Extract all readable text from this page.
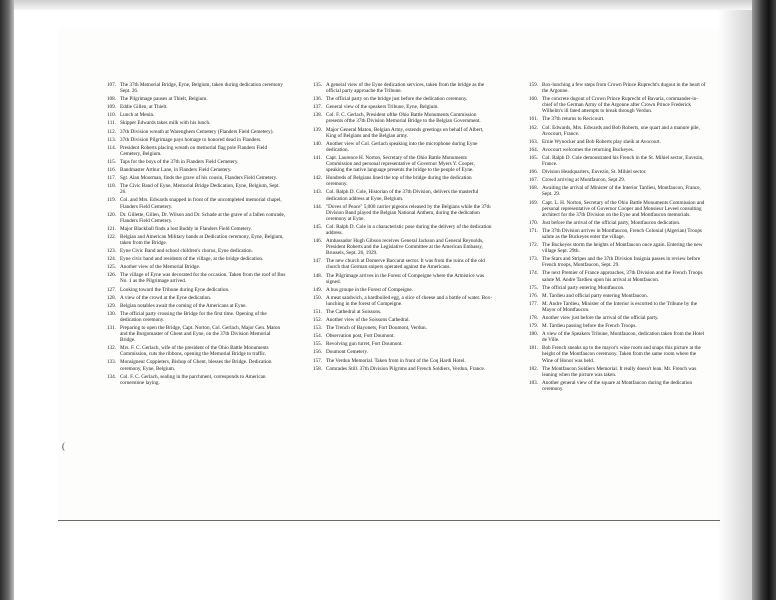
107. The 37th Memorial Bridge, Eyne, Belgium, taken during dedication ceremony Sept. 26.
108. The Pilgrimage pauses at Thielt, Belgium.
109. Eddie Gillen, at Thielt.
110. Lunch at Menin.
111. Skipper Edwards takes milk with his lunch.
112. 37th Division wreath at Warenghem Cemetery (Flanders Field Cemetery).
113. 37th Division Pilgrimage pays homage to honored dead in Flanders.
114. President Roberts placing wreath on memorial flag pole Flanders Field Cemetery, Belgium.
115. Taps for the boys of the 37th in Flanders Field Cemetery.
116. Bandmaster Arthur Lane, in Flanders Field Cemetery.
117. Sgt. Alan Moorman, finds the grave of his cousin, Flanders Field Cemetery.
118. The Civic Band of Eyne, Memorial Bridge Dedication, Eyne, Belgium, Sept. 26.
119. Col. and Mrs. Edwards snapped in front of the uncompleted memorial chapel, Flanders Field Cemetery.
120. Dr. Gillette, Gillen, Dr. Wilson and Dr. Schade at the grave of a fallen comrade, Flanders Field Cemetery.
121. Major Blackball finds a lost Buddy in Flanders Field Cemetery.
122. Belgian and American Military bands at Dedication ceremony, Eyne, Belgium, taken from the Bridge.
123. Eyne Civic Band and school children's chorus, Eyne dedication.
124. Eyne civic band and residents of the village, at the bridge dedication.
125. Another view of the Memorial Bridge.
126. The village of Eyne was decorated for the occasion. Taken from the roof of Bus No. 1 as the Pilgrimage arrived.
127. Looking toward the Tribune during Eyne dedication.
128. A view of the crowd at the Eyne dedication.
129. Belgian notables await the coming of the Americans at Eyne.
130. The official party crossing the Bridge for the first time. Opening of the dedication ceremony.
131. Preparing to open the Bridge, Capt. Norton, Col. Gerlach, Major Gen. Maton and the Burgomaster of Ghent and Eyne, on the 37th Division Memorial Bridge.
132. Mrs. F. C. Gerlach, wife of the president of the Ohio Battle Monuments Commission, cuts the ribbons, opening the Memorial Bridge to traffic.
133. Monsigneur Coppieters, Bishop of Ghent, blesses the Bridge. Dedication ceremony, Eyne, Belgium.
134. Col. F. C. Gerlach, sealing in the parchment, corresponds to American cornerstone laying.
135. A general view of the Eyne dedication services, taken from the bridge as the official party approache the Tribune.
136. The official party on the bridge just before the dedication ceremony.
137. General view of the speakers Tribune, Eyne, Belgium.
138. Col. F. C. Gerlach, President ofthe Ohio Battle Monuments Commission presents ofthe 37th Division Memorial Bridge to the Belgian Government.
139. Major General Maton, Belgian Army, extends greetings on behalf of Albert, King of Belgians and the Belgian army.
140. Another view of Col. Gerlach speaking into the microphone during Eyne dedication.
141. Capt. Laurence H. Norton, Secretary of the Ohio Battle Monuments Commission and personal representative of Governor Myers Y. Cooper, speaking the native language presents the bridge to the people of Eyne.
142. Hundreds of Belgians lined the top of the bridge during the dedication ceremony.
143. Col. Ralph D. Cole, Historian of the 37th Division, delivers the masterful dedication address at Eyne, Belgium.
144. "Doves of Peace" 5,000 carrier pigeons released by the Belgians while the 37th Division Band played the Belgian National Anthem, during the dedication ceremony at Eyne.
145. Col. Ralph D. Cole in a characteristic pose during the delivery of the dedication address.
146. Ambassador Hugh Gibson receives General Jackson and General Reynolds, President Roberts and the Legislative Committee at the American Embassy, Brussels, Sept. 26, 1929.
147. The new church at Domerve Baccarat sector. It was from the ruins of the old church that German snipers operated against the Americans.
148. The Pilgrimage arrives in the Forest of Compeigne where the Armistice was signed.
149. A bus groupe in the Forest of Compeigne.
150. A meat sandwich, a hardboiled egg, a slice of cheese and a bottle of water. Box-lunching in the forest of Compeigne.
151. The Cathedral at Soissons.
152. Another view of the Soissons Cathedral.
153. The Trench of Bayonets, Fort Doumont, Verdun.
154. Observation post, Fort Doumont.
155. Revolving gun turret, Fort Doumont.
156. Doumont Cemetery.
157. The Verdun Memorial. Taken from in front of the Coq Hardi Hotel.
158. Comrades Still. 37th Division Pilgrims and French Soldiers, Verdun, France.
159. Box-lunching a few steps from Crown Prince Ruprecht's dugout in the heart of the Argonne.
160. The concrete dugout of Crown Prince Ruprecht of Bavaria, commander-in-chief of the German Army of the Argonne after Crown Prince Frederick Wilhelm's ill fated attempts to break through Verdun.
161. The 37th returns to Recicourt.
162. Col. Edwards, Mrs. Edwards and Bob Roberts, one quart and a manure pile, Avocourt, France.
163. Ernie Wynocker and Bob Roberts play sheik at Avocourt.
164. Avocourt welcomes the returning Buckeyes.
165. Col. Ralph D. Cole demonstrated his French in the St. Mihiel sector, Euvezin, France.
166. Division Headquarters, Euvezin, St. Mihiel sector.
167. Crowd arriving at Montfaucon, Sept 29.
168. Awaiting the arrival of Minister of the Interior Tardieu, Montfaucon, France, Sept. 29.
169. Capt. L. H. Norton, Secretary of the Ohio Battle Monuments Commission and personal representative of Governor Cooper and Monsieur Leveel consulting architect for the 37th Division on the Eyne and Montfaucon memorials.
170. Just before the arrival of the official party, Montfaucon dedication.
171. The 37th Division arrives in Montfaucon, French Colonial (Algerian) Troops salute as the Buckeyes enter the village.
172. The Buckeyes storm the heights of Montfaucon once again. Entering the new village Sept. 29th.
173. The Stars and Stripes and the 37th Division Insignia passes in review before French troops, Montfaucon, Sept. 29.
174. The next Premier of France approaches, 37th Division and the French Troops salute M. Andre Tardieu upon his arrival at Montfaucon.
175. The official party entering Montfaucon.
176. M. Tardieu and official party entering Montfaucon.
177. M. Andre Tardieu, Minister of the Interior is escorted to the Tribune by the Mayor of Montfaucon.
178. Another view just before the arrival of the official party.
179. M. Tardieu passing before the French Troops.
180. A view of the Speakers Tribune, Montfaucon, dedication taken from the Hotel de Ville.
181. Bob French sneaks up to the mayor's wine room and snaps this picture at the height of the Montfaucon ceremony. Taken from the same room where the Wine of Honor was held.
182. The Montfaucon Soldiers Memorial. It really doesn't lean. Mr. French was leaning when the picture was taken.
183. Another general view of the square at Montfaucon during the dedication ceremony.
(
